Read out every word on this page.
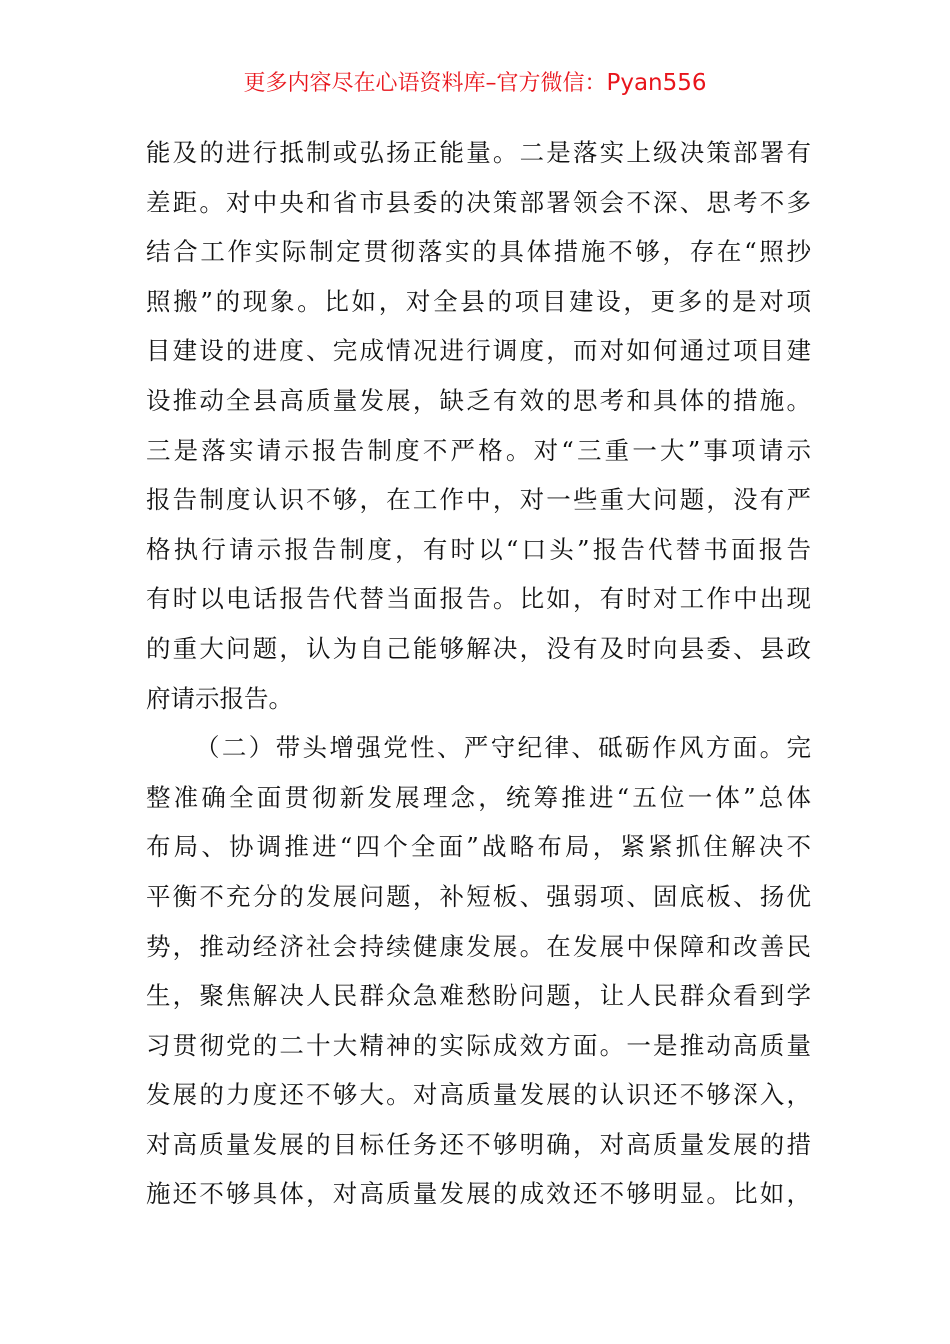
更多内容尽在心语资料库–官方微信：Pyan556
能及的进行抵制或弘扬正能量。二是落实上级决策部署有
差距。对中央和省市县委的决策部署领会不深、思考不多
结合工作实际制定贯彻落实的具体措施不够，存在“照抄
照搬”的现象。比如，对全县的项目建设，更多的是对项
目建设的进度、完成情况进行调度，而对如何通过项目建
设推动全县高质量发展，缺乏有效的思考和具体的措施。
三是落实请示报告制度不严格。对“三重一大”事项请示
报告制度认识不够，在工作中，对一些重大问题，没有严
格执行请示报告制度，有时以“口头”报告代替书面报告
有时以电话报告代替当面报告。比如，有时对工作中出现
的重大问题，认为自己能够解决，没有及时向县委、县政
府请示报告。
（二）带头增强党性、严守纪律、砥砺作风方面。完
整准确全面贯彻新发展理念，统筹推进“五位一体”总体
布局、协调推进“四个全面”战略布局，紧紧抓住解决不
平衡不充分的发展问题，补短板、强弱项、固底板、扬优
势，推动经济社会持续健康发展。在发展中保障和改善民
生，聚焦解决人民群众急难愁盼问题，让人民群众看到学
习贯彻党的二十大精神的实际成效方面。一是推动高质量
发展的力度还不够大。对高质量发展的认识还不够深入，
对高质量发展的目标任务还不够明确，对高质量发展的措
施还不够具体，对高质量发展的成效还不够明显。比如，
